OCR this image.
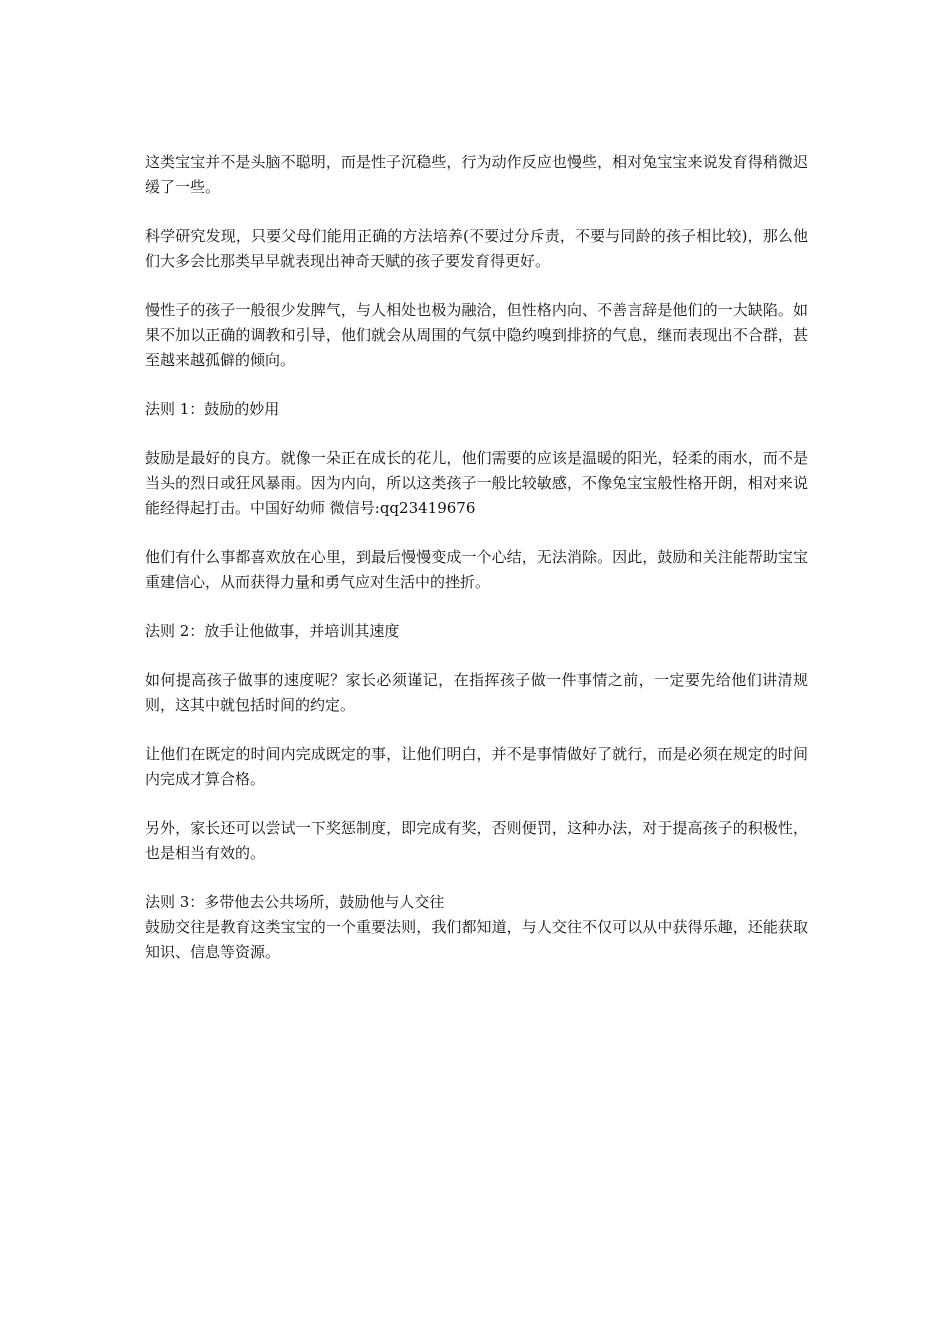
这类宝宝并不是头脑不聪明，而是性子沉稳些，行为动作反应也慢些，相对兔宝宝来说发育得稍微迟缓了一些。

科学研究发现，只要父母们能用正确的方法培养(不要过分斥责，不要与同龄的孩子相比较)，那么他们大多会比那类早早就表现出神奇天赋的孩子要发育得更好。

慢性子的孩子一般很少发脾气，与人相处也极为融洽，但性格内向、不善言辞是他们的一大缺陷。如果不加以正确的调教和引导，他们就会从周围的气氛中隐约嗅到排挤的气息，继而表现出不合群，甚至越来越孤僻的倾向。

法则 1：鼓励的妙用

鼓励是最好的良方。就像一朵正在成长的花儿，他们需要的应该是温暖的阳光，轻柔的雨水，而不是当头的烈日或狂风暴雨。因为内向，所以这类孩子一般比较敏感，不像兔宝宝般性格开朗，相对来说能经得起打击。中国好幼师 微信号:qq23419676

他们有什么事都喜欢放在心里，到最后慢慢变成一个心结，无法消除。因此，鼓励和关注能帮助宝宝重建信心，从而获得力量和勇气应对生活中的挫折。

法则 2：放手让他做事，并培训其速度

如何提高孩子做事的速度呢？家长必须谨记，在指挥孩子做一件事情之前，一定要先给他们讲清规则，这其中就包括时间的约定。

让他们在既定的时间内完成既定的事，让他们明白，并不是事情做好了就行，而是必须在规定的时间内完成才算合格。

另外，家长还可以尝试一下奖惩制度，即完成有奖，否则便罚，这种办法，对于提高孩子的积极性，也是相当有效的。

法则 3：多带他去公共场所，鼓励他与人交往

鼓励交往是教育这类宝宝的一个重要法则，我们都知道，与人交往不仅可以从中获得乐趣，还能获取知识、信息等资源。
